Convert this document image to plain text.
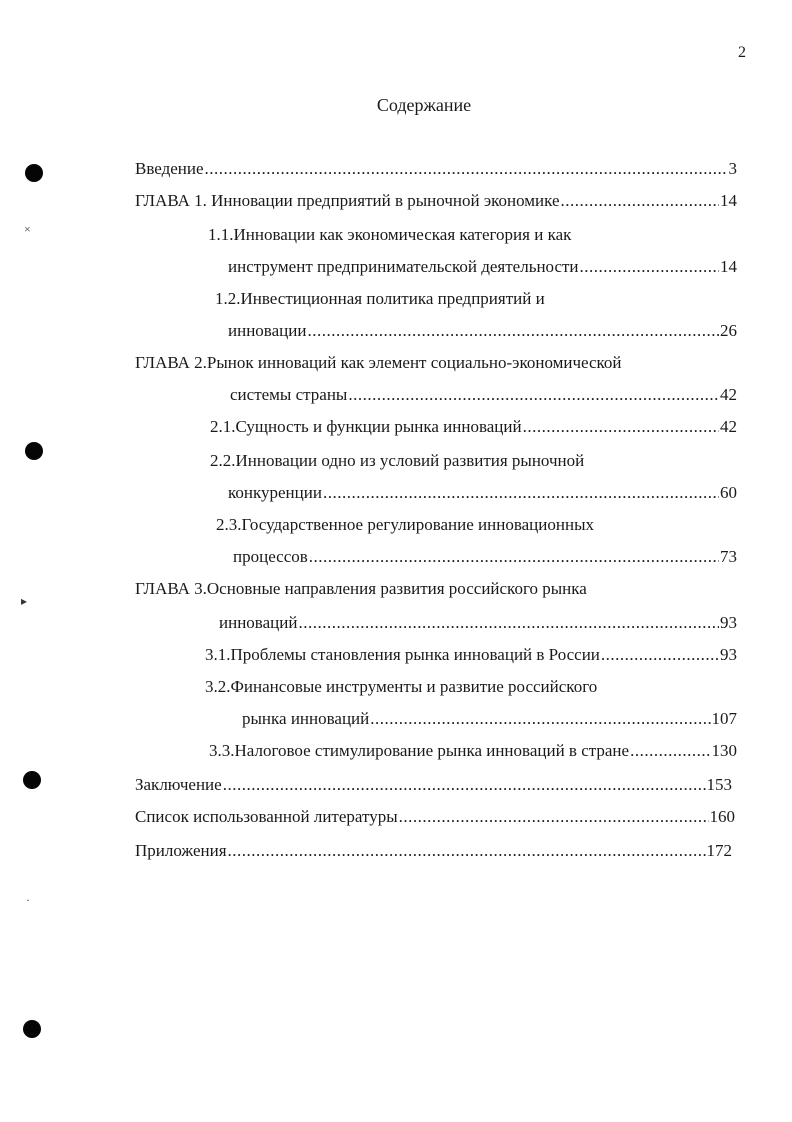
2
Содержание
Введение .....	3
ГЛАВА 1. Инновации предприятий в рыночной экономике .....	14
1.1.Инновации как экономическая категория и как
инструмент предпринимательской деятельности .....	14
1.2.Инвестиционная политика предприятий и
инновации .....	26
ГЛАВА 2.Рынок инноваций как элемент социально-экономической
системы страны .....	42
2.1.Сущность и функции рынка инноваций .....	42
2.2.Инновации одно из условий развития рыночной
конкуренции .....	60
2.3.Государственное регулирование инновационных
процессов .....	73
ГЛАВА 3.Основные направления развития российского рынка
инноваций .....	93
3.1.Проблемы становления рынка инноваций в России .....	93
3.2.Финансовые инструменты и развитие российского
рынка инноваций .....	107
3.3.Налоговое стимулирование рынка инноваций в стране .....	130
Заключение .....	153
Список использованной литературы .....	160
Приложения .....	172
×
▸
·
